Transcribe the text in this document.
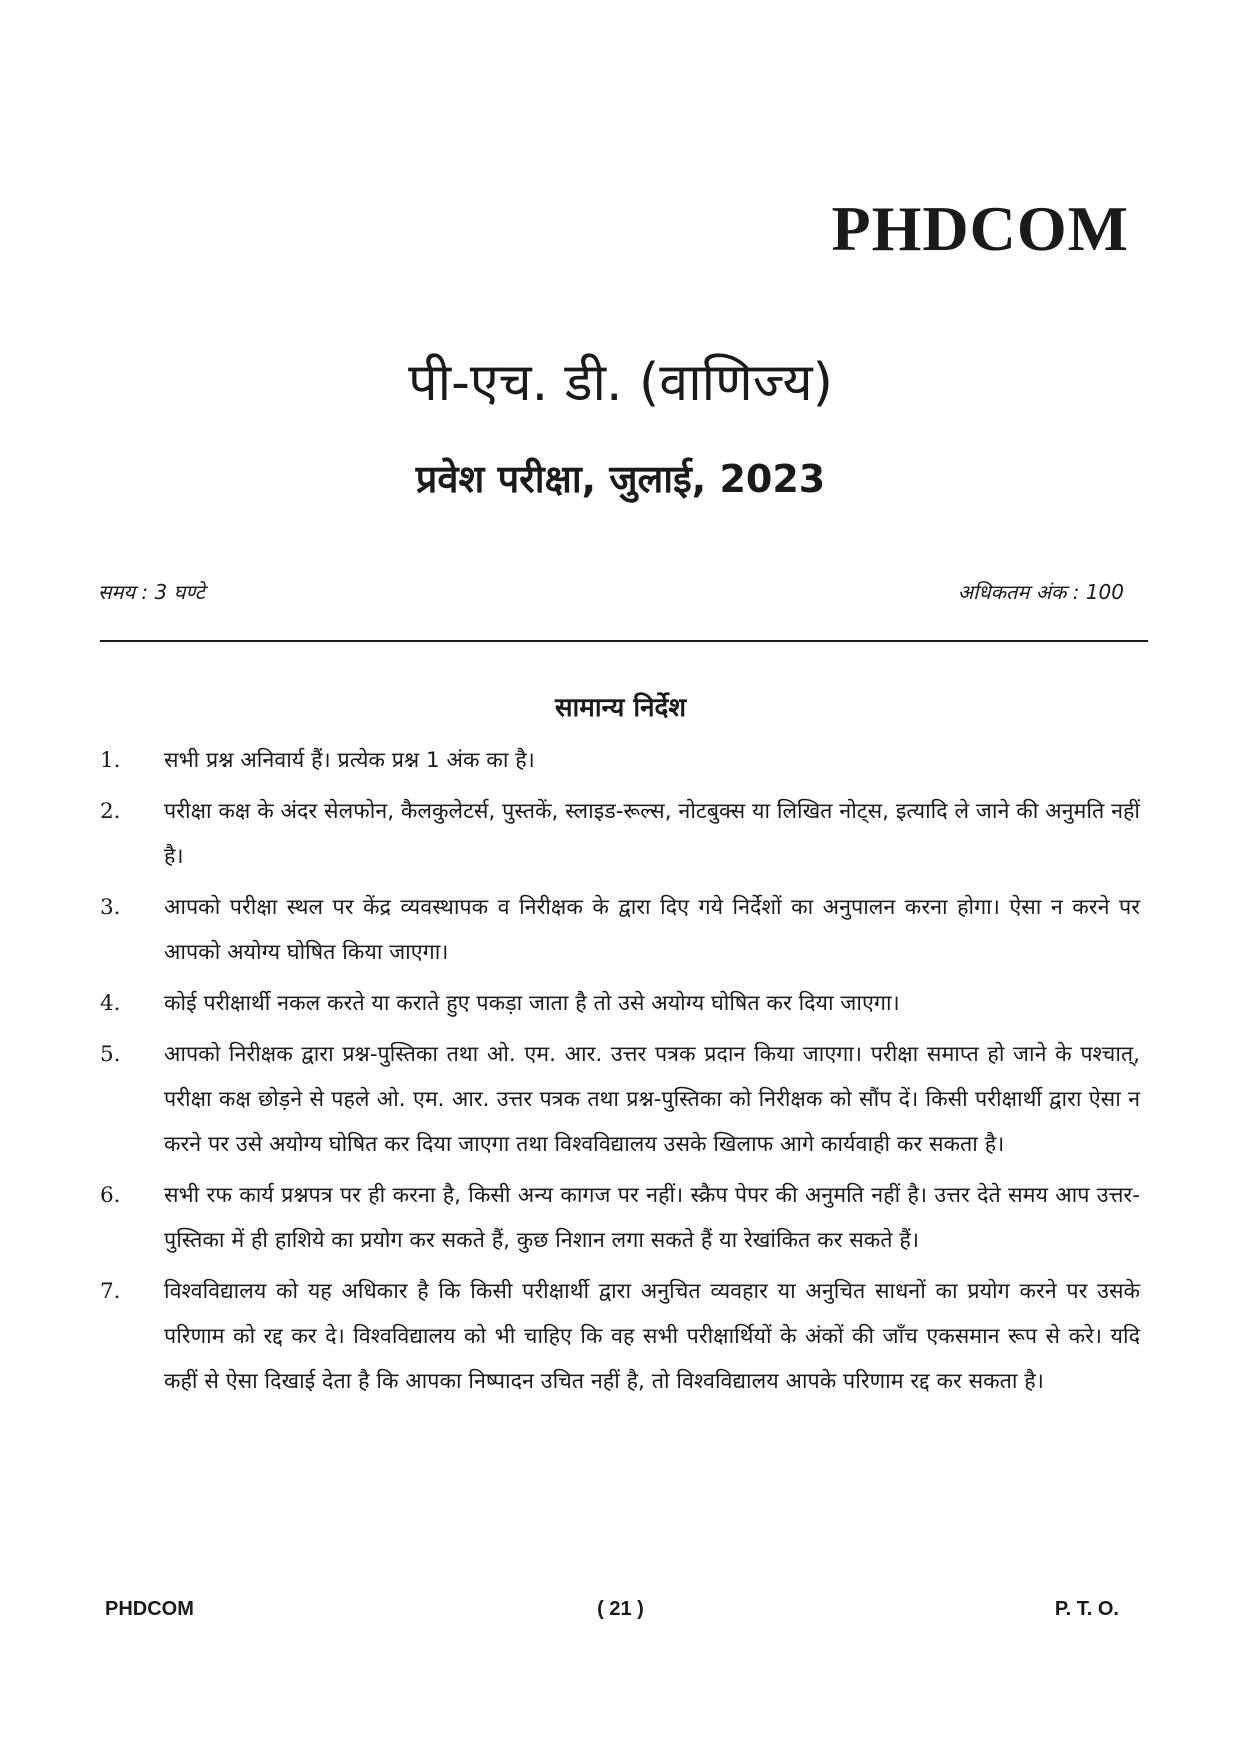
PHDCOM
पी-एच. डी. (वाणिज्य)
प्रवेश परीक्षा, जुलाई, 2023
समय : 3 घण्टे	अधिकतम अंक : 100
सामान्य निर्देश
1.	सभी प्रश्न अनिवार्य हैं। प्रत्येक प्रश्न 1 अंक का है।
2.	परीक्षा कक्ष के अंदर सेलफोन, कैलकुलेटर्स, पुस्तकें, स्लाइड-रूल्स, नोटबुक्स या लिखित नोट्स, इत्यादि ले जाने की अनुमति नहीं है।
3.	आपको परीक्षा स्थल पर केंद्र व्यवस्थापक व निरीक्षक के द्वारा दिए गये निर्देशों का अनुपालन करना होगा। ऐसा न करने पर आपको अयोग्य घोषित किया जाएगा।
4.	कोई परीक्षार्थी नकल करते या कराते हुए पकड़ा जाता है तो उसे अयोग्य घोषित कर दिया जाएगा।
5.	आपको निरीक्षक द्वारा प्रश्न-पुस्तिका तथा ओ. एम. आर. उत्तर पत्रक प्रदान किया जाएगा। परीक्षा समाप्त हो जाने के पश्चात्, परीक्षा कक्ष छोड़ने से पहले ओ. एम. आर. उत्तर पत्रक तथा प्रश्न-पुस्तिका को निरीक्षक को सौंप दें। किसी परीक्षार्थी द्वारा ऐसा न करने पर उसे अयोग्य घोषित कर दिया जाएगा तथा विश्वविद्यालय उसके खिलाफ आगे कार्यवाही कर सकता है।
6.	सभी रफ कार्य प्रश्नपत्र पर ही करना है, किसी अन्य कागज पर नहीं। स्क्रैप पेपर की अनुमति नहीं है। उत्तर देते समय आप उत्तर-पुस्तिका में ही हाशिये का प्रयोग कर सकते हैं, कुछ निशान लगा सकते हैं या रेखांकित कर सकते हैं।
7.	विश्वविद्यालय को यह अधिकार है कि किसी परीक्षार्थी द्वारा अनुचित व्यवहार या अनुचित साधनों का प्रयोग करने पर उसके परिणाम को रद्द कर दे। विश्वविद्यालय को भी चाहिए कि वह सभी परीक्षार्थियों के अंकों की जाँच एकसमान रूप से करे। यदि कहीं से ऐसा दिखाई देता है कि आपका निष्पादन उचित नहीं है, तो विश्वविद्यालय आपके परिणाम रद्द कर सकता है।
PHDCOM	( 21 )	P. T. O.
